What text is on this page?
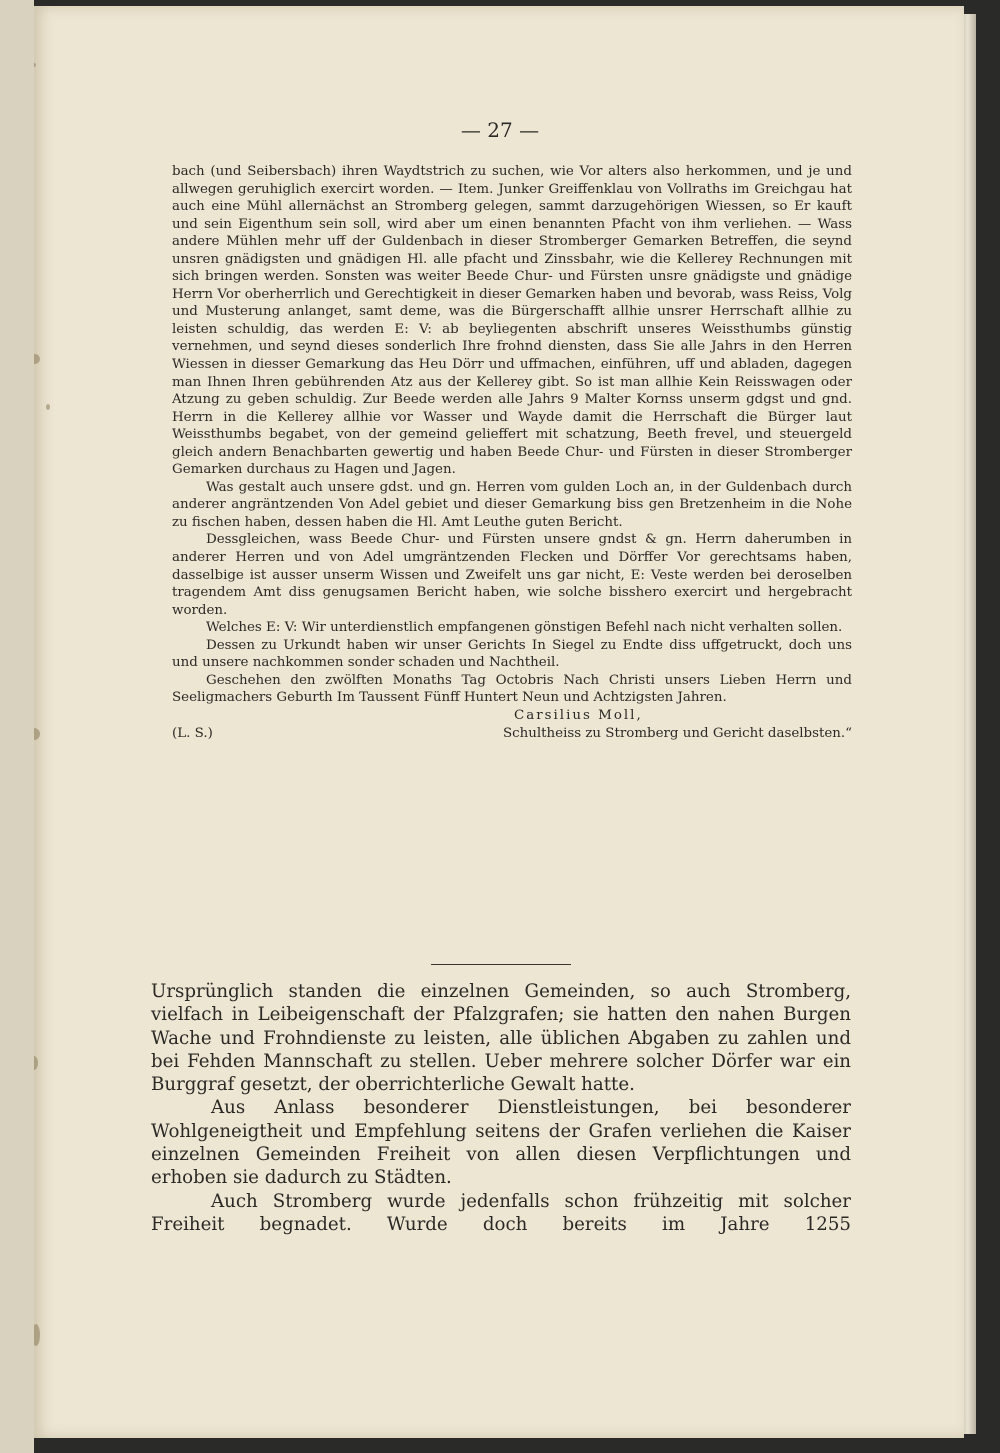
— 27 —

bach (und Seibersbach) ihren Waydtstrich zu suchen, wie Vor alters also herkommen, und je und allwegen geruhiglich exercirt worden. — Item. Junker Greiffenklau von Vollraths im Greichgau hat auch eine Mühl allernächst an Stromberg gelegen, sammt darzugehörigen Wiessen, so Er kauft und sein Eigenthum sein soll, wird aber um einen benannten Pfacht von ihm verliehen. — Wass andere Mühlen mehr uff der Guldenbach in dieser Stromberger Gemarken Betreffen, die seynd unsren gnädigsten und gnädigen Hl. alle pfacht und Zinssbahr, wie die Kellerey Rechnungen mit sich bringen werden. Sonsten was weiter Beede Chur- und Fürsten unsre gnädigste und gnädige Herrn Vor oberherrlich und Gerechtigkeit in dieser Gemarken haben und bevorab, wass Reiss, Volg und Musterung anlanget, samt deme, was die Bürgerschafft allhie unsrer Herrschaft allhie zu leisten schuldig, das werden E: V: ab beyliegenten abschrift unseres Weissthumbs günstig vernehmen, und seynd dieses sonderlich Ihre frohnd diensten, dass Sie alle Jahrs in den Herren Wiessen in diesser Gemarkung das Heu Dörr und uffmachen, einführen, uff und abladen, dagegen man Ihnen Ihren gebührenden Atz aus der Kellerey gibt. So ist man allhie Kein Reisswagen oder Atzung zu geben schuldig. Zur Beede werden alle Jahrs 9 Malter Kornss unserm gdgst und gnd. Herrn in die Kellerey allhie vor Wasser und Wayde damit die Herrschaft die Bürger laut Weissthumbs begabet, von der gemeind gelieffert mit schatzung, Beeth frevel, und steuergeld gleich andern Benachbarten gewertig und haben Beede Chur- und Fürsten in dieser Stromberger Gemarken durchaus zu Hagen und Jagen.

Was gestalt auch unsere gdst. und gn. Herren vom gulden Loch an, in der Guldenbach durch anderer angräntzenden Von Adel gebiet und dieser Gemarkung biss gen Bretzenheim in die Nohe zu fischen haben, dessen haben die Hl. Amt Leuthe guten Bericht.

Dessgleichen, wass Beede Chur- und Fürsten unsere gndst & gn. Herrn daherumben in anderer Herren und von Adel umgräntzenden Flecken und Dörffer Vor gerechtsams haben, dasselbige ist ausser unserm Wissen und Zweifelt uns gar nicht, E: Veste werden bei deroselben tragendem Amt diss genugsamen Bericht haben, wie solche bisshero exercirt und hergebracht worden.

Welches E: V: Wir unterdienstlich empfangenen gönstigen Befehl nach nicht verhalten sollen.

Dessen zu Urkundt haben wir unser Gerichts In Siegel zu Endte diss uffgetruckt, doch uns und unsere nachkommen sonder schaden und Nachtheil.

Geschehen den zwölften Monaths Tag Octobris Nach Christi unsers Lieben Herrn und Seeligmachers Geburth Im Taussent Fünff Huntert Neun und Achtzigsten Jahren.

Carsilius Moll,

(L. S.)	Schultheiss zu Stromberg und Gericht daselbsten.“

Ursprünglich standen die einzelnen Gemeinden, so auch Stromberg, vielfach in Leibeigenschaft der Pfalzgrafen; sie hatten den nahen Burgen Wache und Frohndienste zu leisten, alle üblichen Abgaben zu zahlen und bei Fehden Mannschaft zu stellen. Ueber mehrere solcher Dörfer war ein Burggraf gesetzt, der oberrichterliche Gewalt hatte.

Aus Anlass besonderer Dienstleistungen, bei besonderer Wohlgeneigtheit und Empfehlung seitens der Grafen verliehen die Kaiser einzelnen Gemeinden Freiheit von allen diesen Verpflichtungen und erhoben sie dadurch zu Städten.

Auch Stromberg wurde jedenfalls schon frühzeitig mit solcher Freiheit begnadet. Wurde doch bereits im Jahre 1255
